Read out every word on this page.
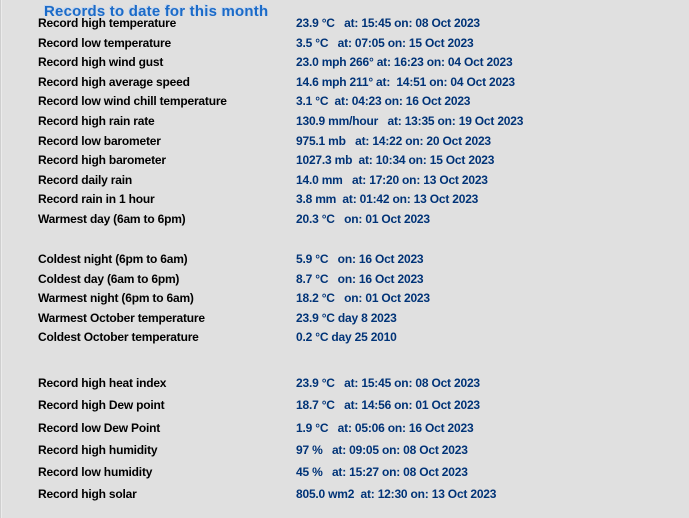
Records to date for this month
Record high temperature	23.9 °C   at: 15:45 on: 08 Oct 2023
Record low temperature	3.5 °C   at: 07:05 on: 15 Oct 2023
Record high wind gust	23.0 mph 266° at: 16:23 on: 04 Oct 2023
Record high average speed	14.6 mph 211° at:  14:51 on: 04 Oct 2023
Record low wind chill temperature	3.1 °C  at: 04:23 on: 16 Oct 2023
Record high rain rate	130.9 mm/hour   at: 13:35 on: 19 Oct 2023
Record low barometer	975.1 mb   at: 14:22 on: 20 Oct 2023
Record high barometer	1027.3 mb  at: 10:34 on: 15 Oct 2023
Record daily rain	14.0 mm   at: 17:20 on: 13 Oct 2023
Record rain in 1 hour	3.8 mm  at: 01:42 on: 13 Oct 2023
Warmest day (6am to 6pm)	20.3 °C   on: 01 Oct 2023
Coldest night (6pm to 6am)	5.9 °C   on: 16 Oct 2023
Coldest day (6am to 6pm)	8.7 °C   on: 16 Oct 2023
Warmest night (6pm to 6am)	18.2 °C   on: 01 Oct 2023
Warmest October temperature	23.9 °C day 8 2023
Coldest October temperature	0.2 °C day 25 2010
Record high heat index	23.9 °C   at: 15:45 on: 08 Oct 2023
Record high Dew point	18.7 °C   at: 14:56 on: 01 Oct 2023
Record low Dew Point	1.9 °C   at: 05:06 on: 16 Oct 2023
Record high humidity	97 %   at: 09:05 on: 08 Oct 2023
Record low humidity	45 %   at: 15:27 on: 08 Oct 2023
Record high solar	805.0 wm2  at: 12:30 on: 13 Oct 2023
